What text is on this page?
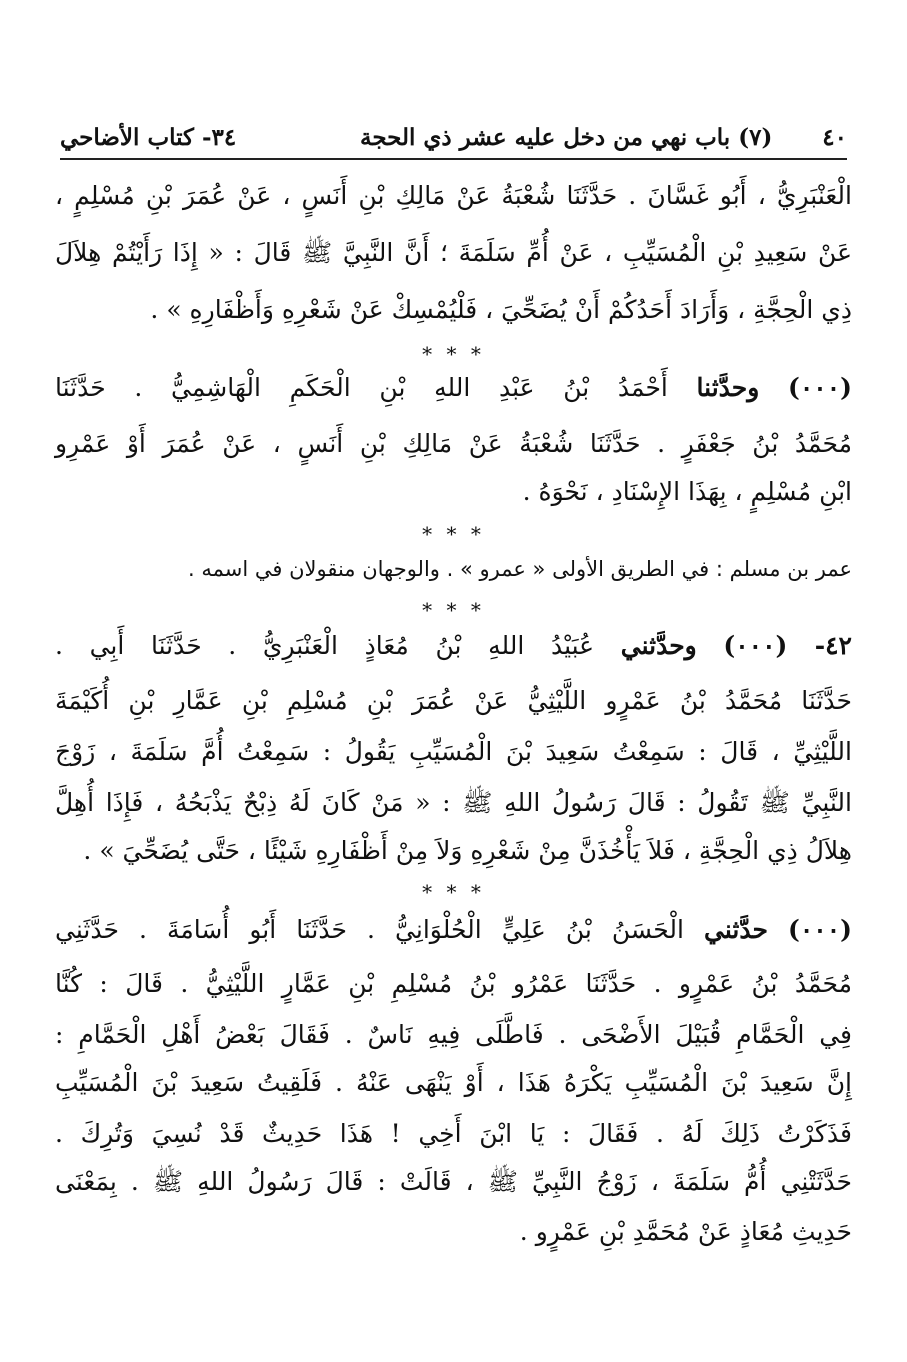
٤٠
(٧) باب نهي من دخل عليه عشر ذي الحجة
٣٤- كتاب الأضاحي
الْعَنْبَرِيُّ ، أَبُو غَسَّانَ . حَدَّثَنَا شُعْبَةُ عَنْ مَالِكِ بْنِ أَنَسٍ ، عَنْ عُمَرَ بْنِ مُسْلِمٍ ،
عَنْ سَعِيدِ بْنِ الْمُسَيِّبِ ، عَنْ أُمِّ سَلَمَةَ ؛ أَنَّ النَّبِيَّ ﷺ قَالَ : « إِذَا رَأَيْتُمْ هِلاَلَ
ذِي الْحِجَّةِ ، وَأَرَادَ أَحَدُكُمْ أَنْ يُضَحِّيَ ، فَلْيُمْسِكْ عَنْ شَعْرِهِ وَأَظْفَارِهِ » .
* * *
(٠٠٠) وحدَّثنا أَحْمَدُ بْنُ عَبْدِ اللهِ بْنِ الْحَكَمِ الْهَاشِمِيُّ . حَدَّثَنَا
مُحَمَّدُ بْنُ جَعْفَرٍ . حَدَّثَنَا شُعْبَةُ عَنْ مَالِكِ بْنِ أَنَسٍ ، عَنْ عُمَرَ أَوْ عَمْرِو
ابْنِ مُسْلِمٍ ، بِهَذَا الإِسْنَادِ ، نَحْوَهُ .
* * *
عمر بن مسلم : في الطريق الأولى « عمرو » . والوجهان منقولان في اسمه .
* * *
٤٢- (٠٠٠) وحدَّثني عُبَيْدُ اللهِ بْنُ مُعَاذٍ الْعَنْبَرِيُّ . حَدَّثَنَا أَبِي .
حَدَّثَنَا مُحَمَّدُ بْنُ عَمْرٍو اللَّيْثِيُّ عَنْ عُمَرَ بْنِ مُسْلِمِ بْنِ عَمَّارِ بْنِ أُكَيْمَةَ
اللَّيْثِيِّ ، قَالَ : سَمِعْتُ سَعِيدَ بْنَ الْمُسَيِّبِ يَقُولُ : سَمِعْتُ أُمَّ سَلَمَةَ ، زَوْجَ
النَّبِيِّ ﷺ تَقُولُ : قَالَ رَسُولُ اللهِ ﷺ : « مَنْ كَانَ لَهُ ذِبْحٌ يَذْبَحُهُ ، فَإِذَا أُهِلَّ
هِلاَلُ ذِي الْحِجَّةِ ، فَلاَ يَأْخُذَنَّ مِنْ شَعْرِهِ وَلاَ مِنْ أَظْفَارِهِ شَيْئًا ، حَتَّى يُضَحِّيَ » .
* * *
(٠٠٠) حدَّثني الْحَسَنُ بْنُ عَلِيٍّ الْحُلْوَانِيُّ . حَدَّثَنَا أَبُو أُسَامَةَ . حَدَّثَنِي
مُحَمَّدُ بْنُ عَمْرٍو . حَدَّثَنَا عَمْرُو بْنُ مُسْلِمِ بْنِ عَمَّارٍ اللَّيْثِيُّ . قَالَ : كُنَّا
فِي الْحَمَّامِ قُبَيْلَ الأَضْحَى . فَاطَّلَى فِيهِ نَاسٌ . فَقَالَ بَعْضُ أَهْلِ الْحَمَّامِ :
إِنَّ سَعِيدَ بْنَ الْمُسَيِّبِ يَكْرَهُ هَذَا ، أَوْ يَنْهَى عَنْهُ . فَلَقِيتُ سَعِيدَ بْنَ الْمُسَيِّبِ
فَذَكَرْتُ ذَلِكَ لَهُ . فَقَالَ : يَا ابْنَ أَخِي ! هَذَا حَدِيثٌ قَدْ نُسِيَ وَتُرِكَ .
حَدَّثَتْنِي أُمُّ سَلَمَةَ ، زَوْجُ النَّبِيِّ ﷺ ، قَالَتْ : قَالَ رَسُولُ اللهِ ﷺ . بِمَعْنَى
حَدِيثِ مُعَاذٍ عَنْ مُحَمَّدِ بْنِ عَمْرٍو .
